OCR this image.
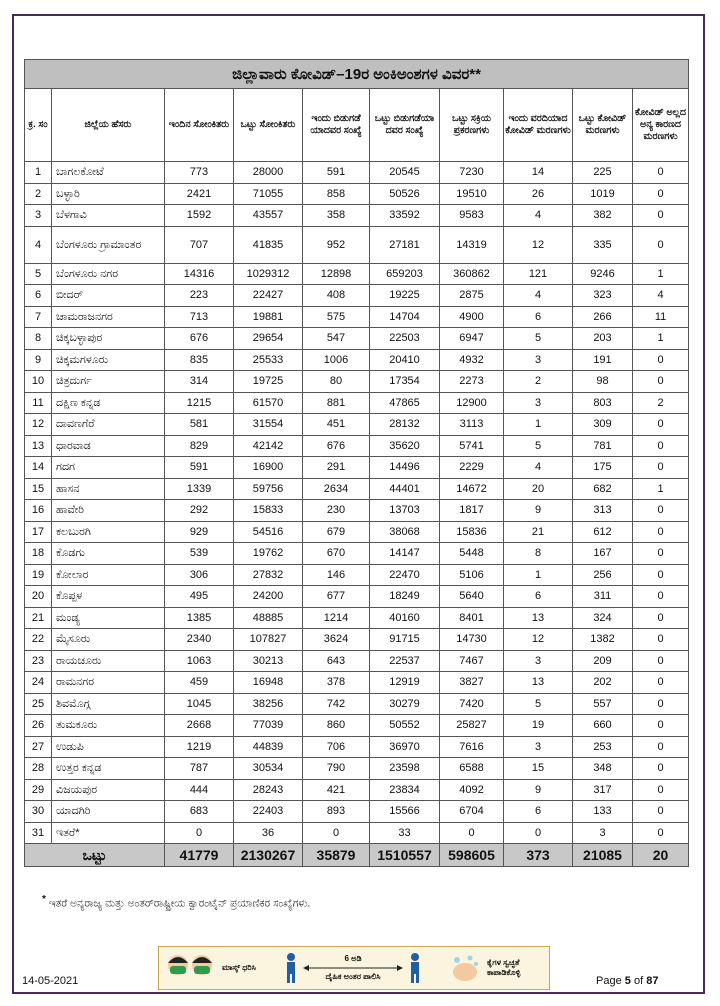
ಜಿಲ್ಲಾವಾರು ಕೋವಿಡ್–19ರ ಅಂಕಿಅಂಶಗಳ ವಿವರ**									
ಕ್ರ. ಸಂ	ಜಿಲ್ಲೆಯ ಹೆಸರು	ಇಂದಿನ ಸೋಂಕಿತರು	ಒಟ್ಟು ಸೋಂಕಿತರು	ಇಂದು ಬಿಡುಗಡೆ ಯಾದವರ ಸಂಖ್ಯೆ	ಒಟ್ಟು ಬಿಡುಗಡೆಯಾ ದವರ ಸಂಖ್ಯೆ	ಒಟ್ಟು ಸಕ್ರಿಯ ಪ್ರಕರಣಗಳು	ಇಂದು ವರದಿಯಾದ ಕೋವಿಡ್ ಮರಣಗಳು	ಒಟ್ಟು ಕೋವಿಡ್ ಮರಣಗಳು	ಕೋವಿಡ್ ಅಲ್ಲದ ಅನ್ಯ ಕಾರಣದ ಮರಣಗಳು
1	ಬಾಗಲಕೋಟೆ	773	28000	591	20545	7230	14	225	0
2	ಬಳ್ಳಾರಿ	2421	71055	858	50526	19510	26	1019	0
3	ಬೆಳಗಾವಿ	1592	43557	358	33592	9583	4	382	0
4	ಬೆಂಗಳೂರು ಗ್ರಾಮಾಂತರ	707	41835	952	27181	14319	12	335	0
5	ಬೆಂಗಳೂರು ನಗರ	14316	1029312	12898	659203	360862	121	9246	1
6	ಬೀದರ್	223	22427	408	19225	2875	4	323	4
7	ಚಾಮರಾಜನಗರ	713	19881	575	14704	4900	6	266	11
8	ಚಿಕ್ಕಬಳ್ಳಾಪುರ	676	29654	547	22503	6947	5	203	1
9	ಚಿಕ್ಕಮಗಳೂರು	835	25533	1006	20410	4932	3	191	0
10	ಚಿತ್ರದುರ್ಗ	314	19725	80	17354	2273	2	98	0
11	ದಕ್ಷಿಣ ಕನ್ನಡ	1215	61570	881	47865	12900	3	803	2
12	ದಾವಣಗೆರೆ	581	31554	451	28132	3113	1	309	0
13	ಧಾರವಾಡ	829	42142	676	35620	5741	5	781	0
14	ಗದಗ	591	16900	291	14496	2229	4	175	0
15	ಹಾಸನ	1339	59756	2634	44401	14672	20	682	1
16	ಹಾವೇರಿ	292	15833	230	13703	1817	9	313	0
17	ಕಲಬುರಗಿ	929	54516	679	38068	15836	21	612	0
18	ಕೊಡಗು	539	19762	670	14147	5448	8	167	0
19	ಕೋಲಾರ	306	27832	146	22470	5106	1	256	0
20	ಕೊಪ್ಪಳ	495	24200	677	18249	5640	6	311	0
21	ಮಂಡ್ಯ	1385	48885	1214	40160	8401	13	324	0
22	ಮೈಸೂರು	2340	107827	3624	91715	14730	12	1382	0
23	ರಾಯಚೂರು	1063	30213	643	22537	7467	3	209	0
24	ರಾಮನಗರ	459	16948	378	12919	3827	13	202	0
25	ಶಿವಮೊಗ್ಗ	1045	38256	742	30279	7420	5	557	0
26	ತುಮಕೂರು	2668	77039	860	50552	25827	19	660	0
27	ಉಡುಪಿ	1219	44839	706	36970	7616	3	253	0
28	ಉತ್ತರ ಕನ್ನಡ	787	30534	790	23598	6588	15	348	0
29	ವಿಜಯಪುರ	444	28243	421	23834	4092	9	317	0
30	ಯಾದಗಿರಿ	683	22403	893	15566	6704	6	133	0
31	ಇತರೆ*	0	36	0	33	0	0	3	0
ಒಟ್ಟು		41779	2130267	35879	1510557	598605	373	21085	20
* ಇತರೆ ಅನ್ಯರಾಜ್ಯ ಮತ್ತು ಅಂತರ್‌ರಾಷ್ಟ್ರೀಯ ಕ್ವಾರಂಟೈನ್ ಪ್ರಯಾಣಿಕರ ಸಂಖ್ಯೆಗಳು.
ಮಾಸ್ಕ್ ಧರಿಸಿ
6 ಅಡಿ
ದೈಹಿಕ ಅಂತರ ಪಾಲಿಸಿ
ಕೈಗಳ ಸ್ವಚ್ಛತೆ ಕಾಪಾಡಿಕೊಳ್ಳಿ
14-05-2021	Page 5 of 87
